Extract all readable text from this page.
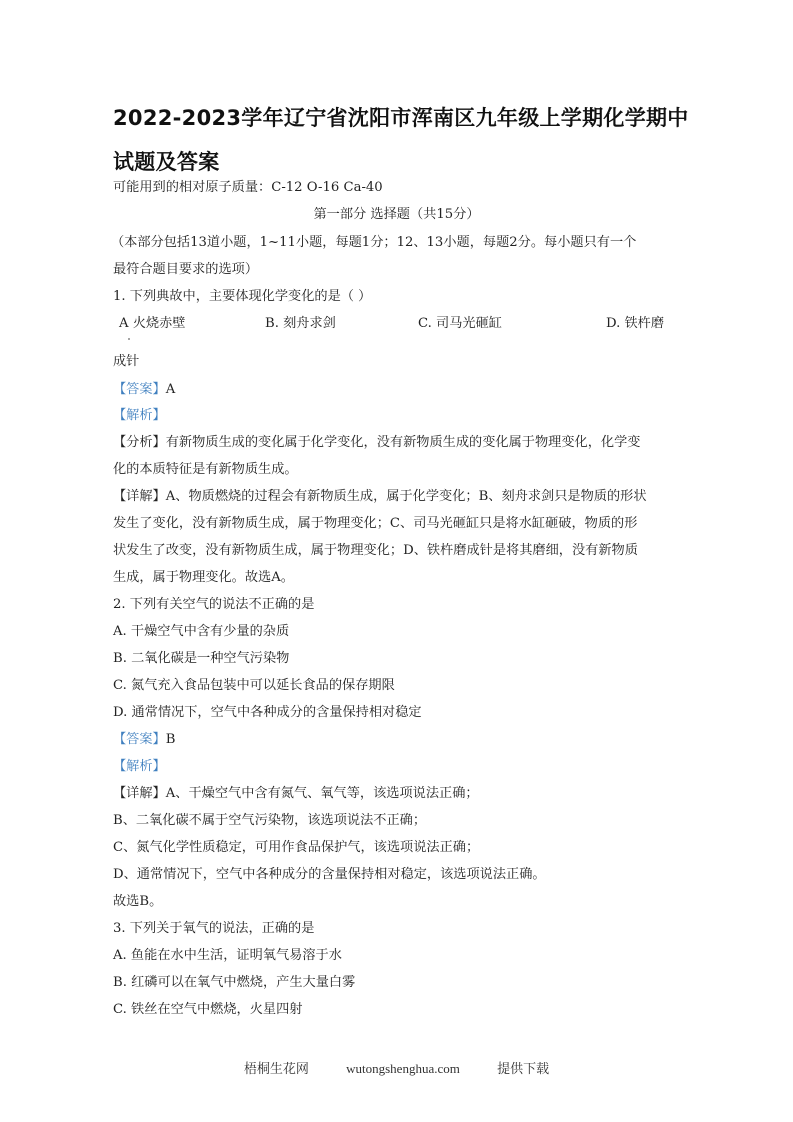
2022-2023学年辽宁省沈阳市浑南区九年级上学期化学期中
试题及答案
可能用到的相对原子质量：C-12 O-16 Ca-40
第一部分 选择题（共15分）
（本部分包括13道小题，1~11小题，每题1分；12、13小题，每题2分。每小题只有一个
最符合题目要求的选项）
1. 下列典故中，主要体现化学变化的是（ ）
A 火烧赤壁	B. 刻舟求剑	C. 司马光砸缸	D. 铁杵磨
成针
【答案】A
【解析】
【分析】有新物质生成的变化属于化学变化，没有新物质生成的变化属于物理变化，化学变
化的本质特征是有新物质生成。
【详解】A、物质燃烧的过程会有新物质生成，属于化学变化；B、刻舟求剑只是物质的形状
发生了变化，没有新物质生成，属于物理变化；C、司马光砸缸只是将水缸砸破，物质的形
状发生了改变，没有新物质生成，属于物理变化；D、铁杵磨成针是将其磨细，没有新物质
生成，属于物理变化。故选A。
2. 下列有关空气的说法不正确的是
A. 干燥空气中含有少量的杂质
B. 二氧化碳是一种空气污染物
C. 氮气充入食品包装中可以延长食品的保存期限
D. 通常情况下，空气中各种成分的含量保持相对稳定
【答案】B
【解析】
【详解】A、干燥空气中含有氮气、氧气等，该选项说法正确；
B、二氧化碳不属于空气污染物，该选项说法不正确；
C、氮气化学性质稳定，可用作食品保护气，该选项说法正确；
D、通常情况下，空气中各种成分的含量保持相对稳定，该选项说法正确。
故选B。
3. 下列关于氧气的说法，正确的是
A. 鱼能在水中生活，证明氧气易溶于水
B. 红磷可以在氧气中燃烧，产生大量白雾
C. 铁丝在空气中燃烧，火星四射
梧桐生花网	wutongshenghua.com	提供下载
